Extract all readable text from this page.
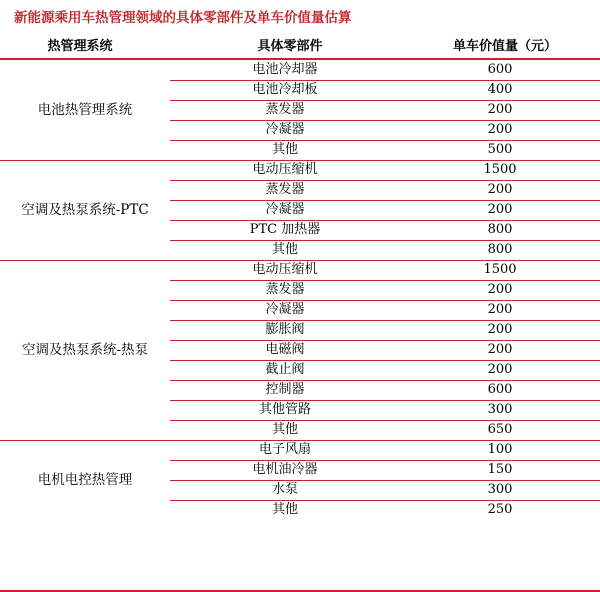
新能源乘用车热管理领域的具体零部件及单车价值量估算
热管理系统	具体零部件	单车价值量（元）
电池热管理系统
电池冷却器	600
电池冷却板	400
蒸发器	200
冷凝器	200
其他	500
空调及热泵系统-PTC
电动压缩机	1500
蒸发器	200
冷凝器	200
PTC 加热器	800
其他	800
空调及热泵系统-热泵
电动压缩机	1500
蒸发器	200
冷凝器	200
膨胀阀	200
电磁阀	200
截止阀	200
控制器	600
其他管路	300
其他	650
电机电控热管理
电子风扇	100
电机油冷器	150
水泵	300
其他	250
